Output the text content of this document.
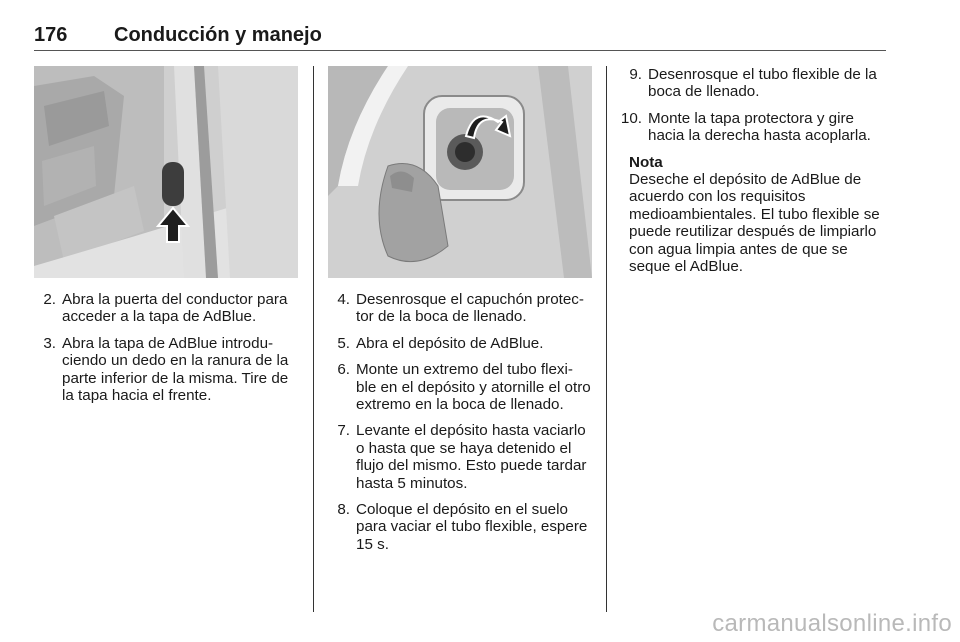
176 Conducción y manejo
2. Abra la puerta del conductor para acceder a la tapa de AdBlue.
3. Abra la tapa de AdBlue introdu-ciendo un dedo en la ranura de la parte inferior de la misma. Tire de la tapa hacia el frente.
4. Desenrosque el capuchón protec-tor de la boca de llenado.
5. Abra el depósito de AdBlue.
6. Monte un extremo del tubo flexi-ble en el depósito y atornille el otro extremo en la boca de llenado.
7. Levante el depósito hasta vaciarlo o hasta que se haya detenido el flujo del mismo. Esto puede tardar hasta 5 minutos.
8. Coloque el depósito en el suelo para vaciar el tubo flexible, espere 15 s.
9. Desenrosque el tubo flexible de la boca de llenado.
10. Monte la tapa protectora y gire hacia la derecha hasta acoplarla.
Nota
Deseche el depósito de AdBlue de acuerdo con los requisitos medioambientales. El tubo flexible se puede reutilizar después de limpiarlo con agua limpia antes de que se seque el AdBlue.
carmanualsonline.info
